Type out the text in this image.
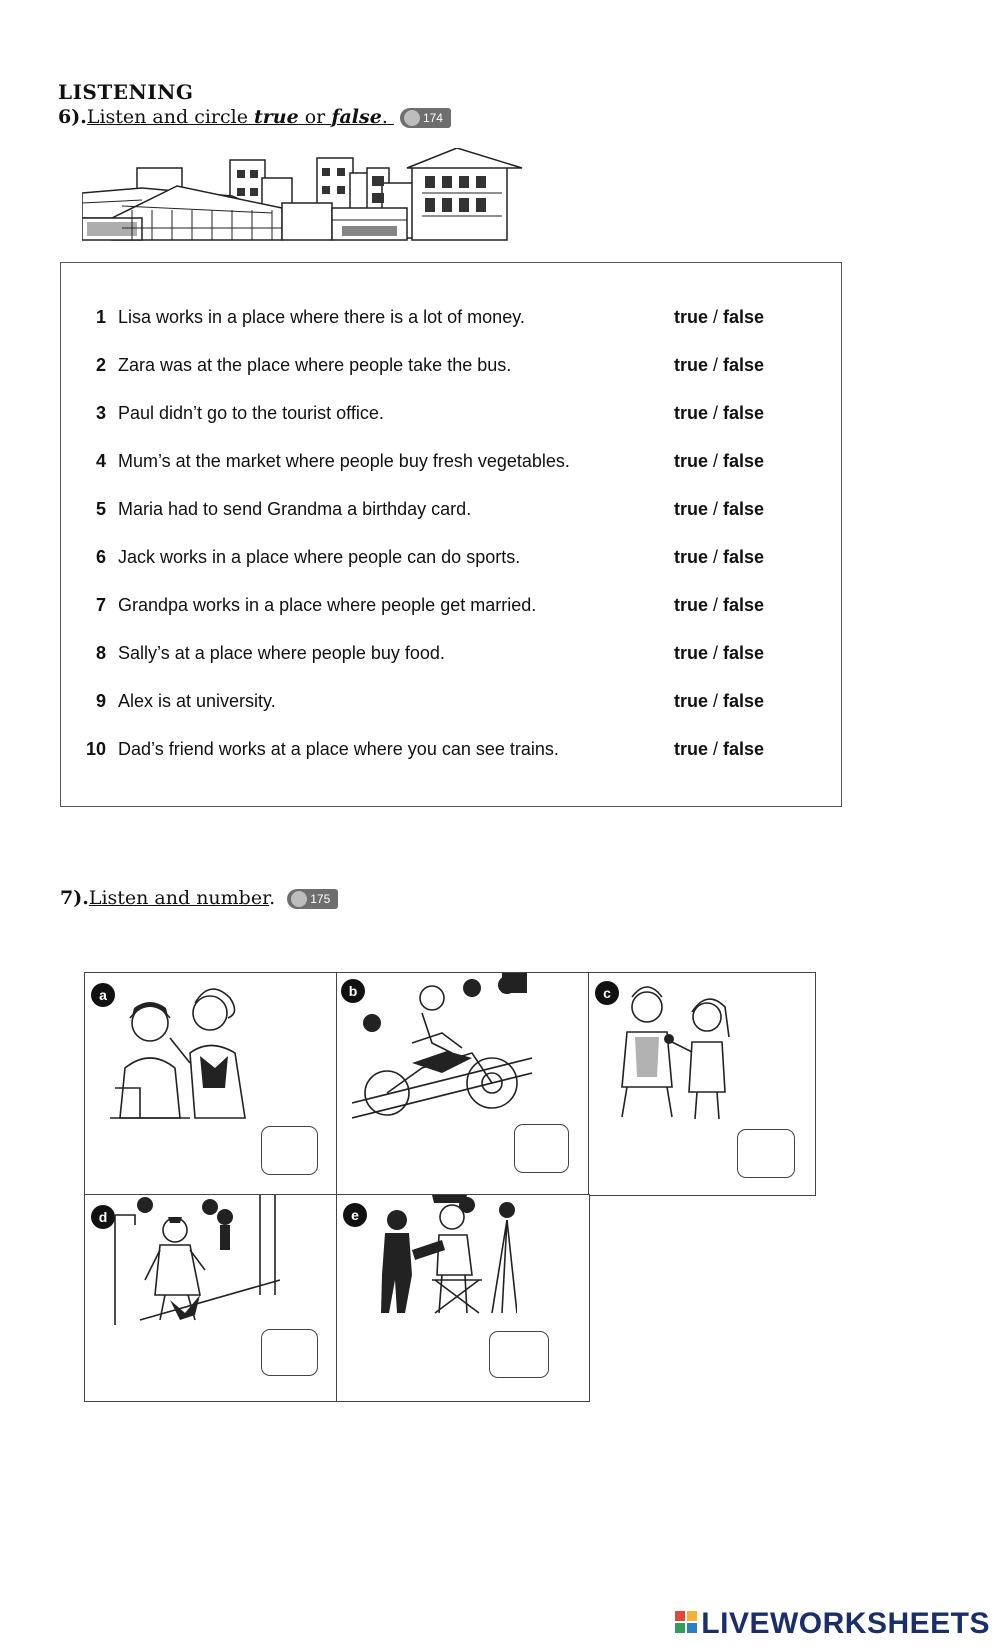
LISTENING
6).Listen and circle true or false.	174
1 Lisa works in a place where there is a lot of money.	true / false
2 Zara was at the place where people take the bus.	true / false
3 Paul didn’t go to the tourist office.	true / false
4 Mum’s at the market where people buy fresh vegetables.	true / false
5 Maria had to send Grandma a birthday card.	true / false
6 Jack works in a place where people can do sports.	true / false
7 Grandpa works in a place where people get married.	true / false
8 Sally’s at a place where people buy food.	true / false
9 Alex is at university.	true / false
10 Dad’s friend works at a place where you can see trains.	true / false
7).Listen and number.	175
a	b	c
d	e
LIVEWORKSHEETS
